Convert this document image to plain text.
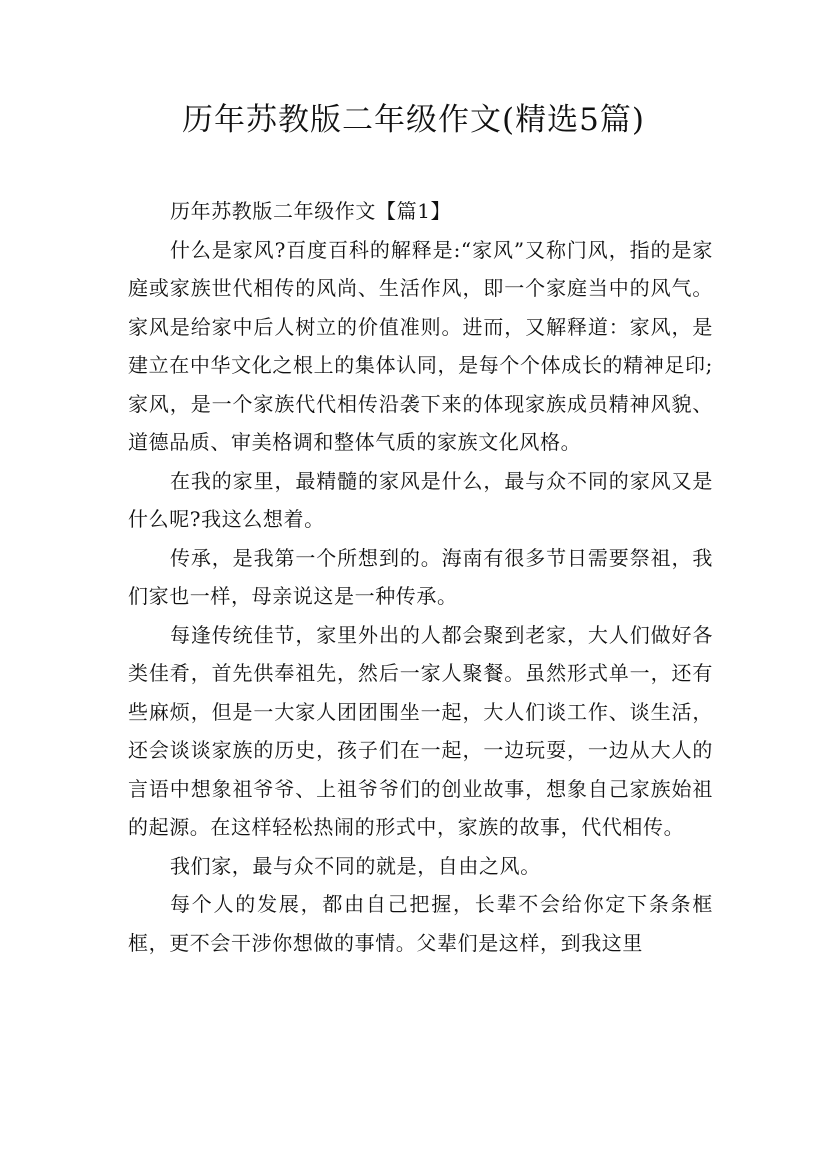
历年苏教版二年级作文(精选5篇)

历年苏教版二年级作文【篇1】

什么是家风?百度百科的解释是:“家风”又称门风，指的是家庭或家族世代相传的风尚、生活作风，即一个家庭当中的风气。家风是给家中后人树立的价值准则。进而，又解释道：家风，是建立在中华文化之根上的集体认同，是每个个体成长的精神足印;家风，是一个家族代代相传沿袭下来的体现家族成员精神风貌、道德品质、审美格调和整体气质的家族文化风格。

在我的家里，最精髓的家风是什么，最与众不同的家风又是什么呢?我这么想着。

传承，是我第一个所想到的。海南有很多节日需要祭祖，我们家也一样，母亲说这是一种传承。

每逢传统佳节，家里外出的人都会聚到老家，大人们做好各类佳肴，首先供奉祖先，然后一家人聚餐。虽然形式单一，还有些麻烦，但是一大家人团团围坐一起，大人们谈工作、谈生活，还会谈谈家族的历史，孩子们在一起，一边玩耍，一边从大人的言语中想象祖爷爷、上祖爷爷们的创业故事，想象自己家族始祖的起源。在这样轻松热闹的形式中，家族的故事，代代相传。

我们家，最与众不同的就是，自由之风。

每个人的发展，都由自己把握，长辈不会给你定下条条框框，更不会干涉你想做的事情。父辈们是这样，到我这里
